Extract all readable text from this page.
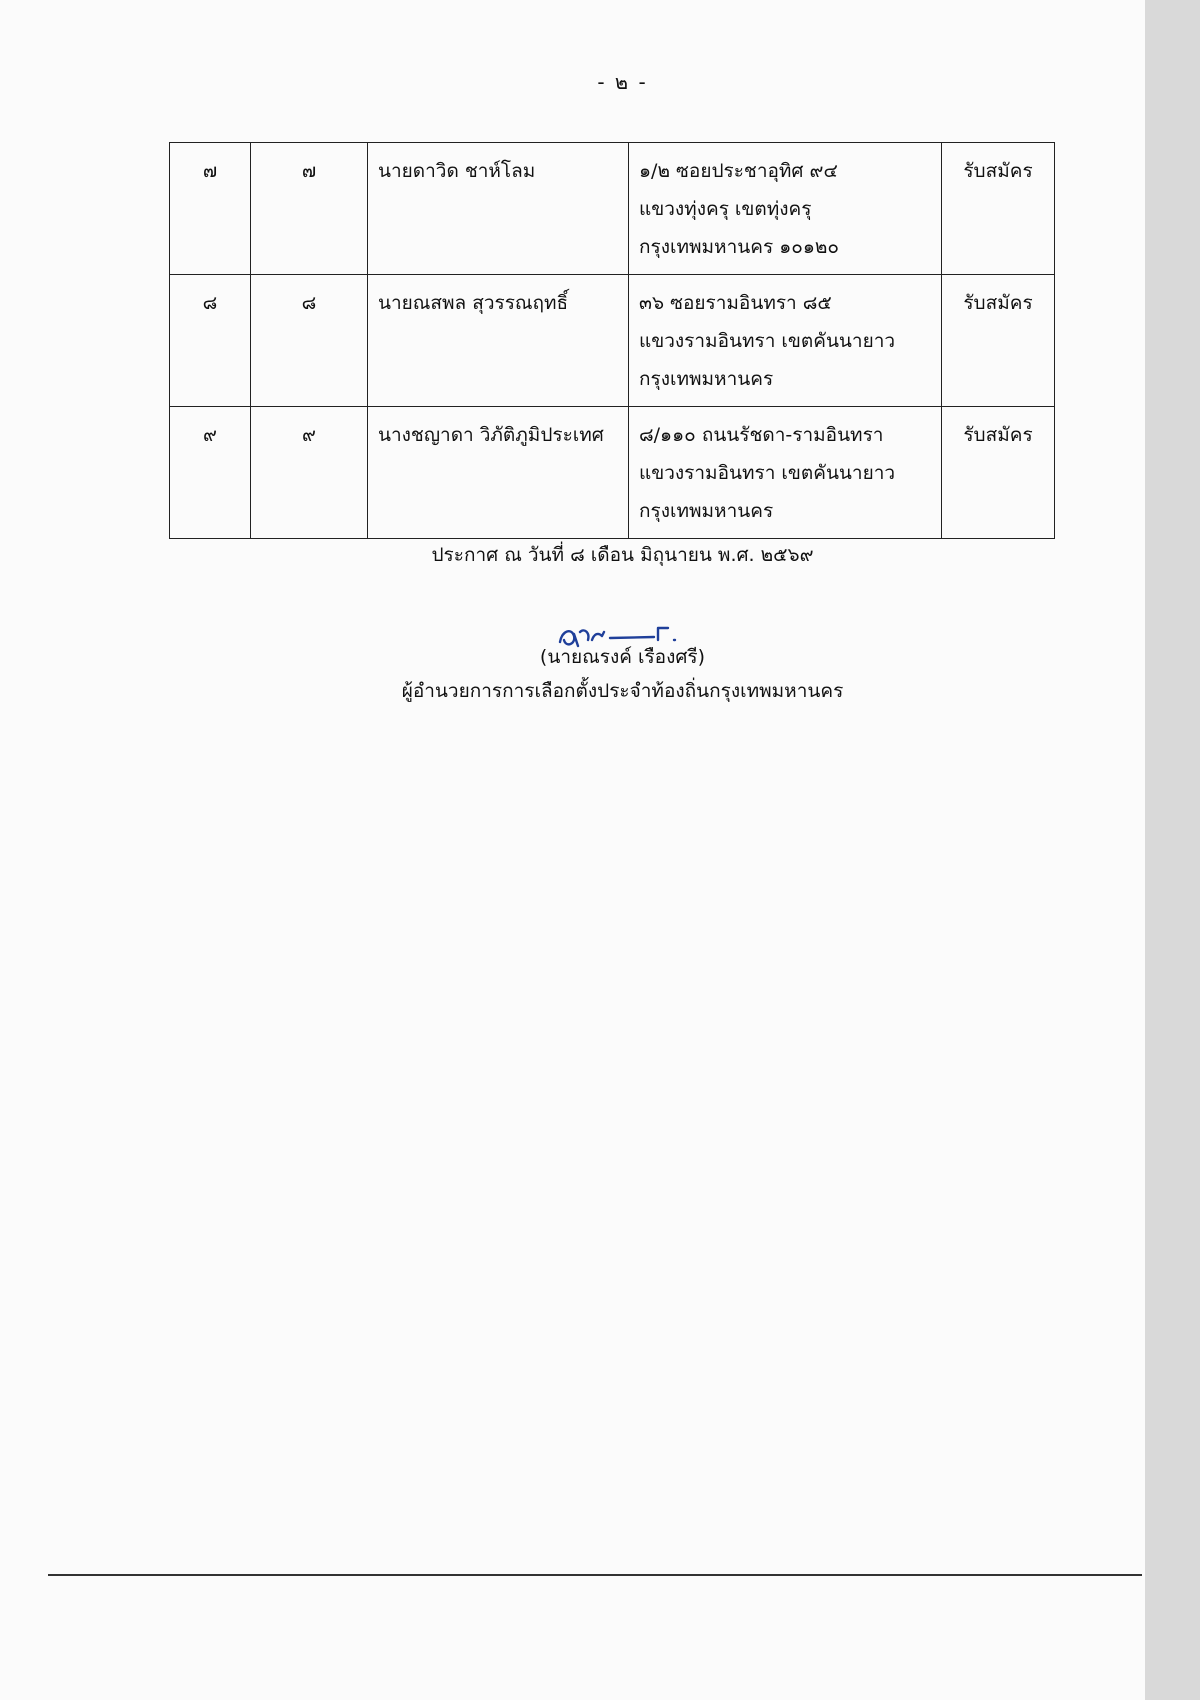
- ๒ -
๗	๗	นายดาวิด ชาห์โลม	๑/๒ ซอยประชาอุทิศ ๙๔
แขวงทุ่งครุ เขตทุ่งครุ
กรุงเทพมหานคร ๑๐๑๒๐	รับสมัคร
๘	๘	นายณสพล สุวรรณฤทธิ์	๓๖ ซอยรามอินทรา ๘๕
แขวงรามอินทรา เขตคันนายาว
กรุงเทพมหานคร	รับสมัคร
๙	๙	นางชญาดา วิภัติภูมิประเทศ	๘/๑๑๐ ถนนรัชดา-รามอินทรา
แขวงรามอินทรา เขตคันนายาว
กรุงเทพมหานคร	รับสมัคร
ประกาศ ณ วันที่ ๘ เดือน มิถุนายน พ.ศ. ๒๕๖๙
(นายณรงค์ เรืองศรี)
ผู้อำนวยการการเลือกตั้งประจำท้องถิ่นกรุงเทพมหานคร
